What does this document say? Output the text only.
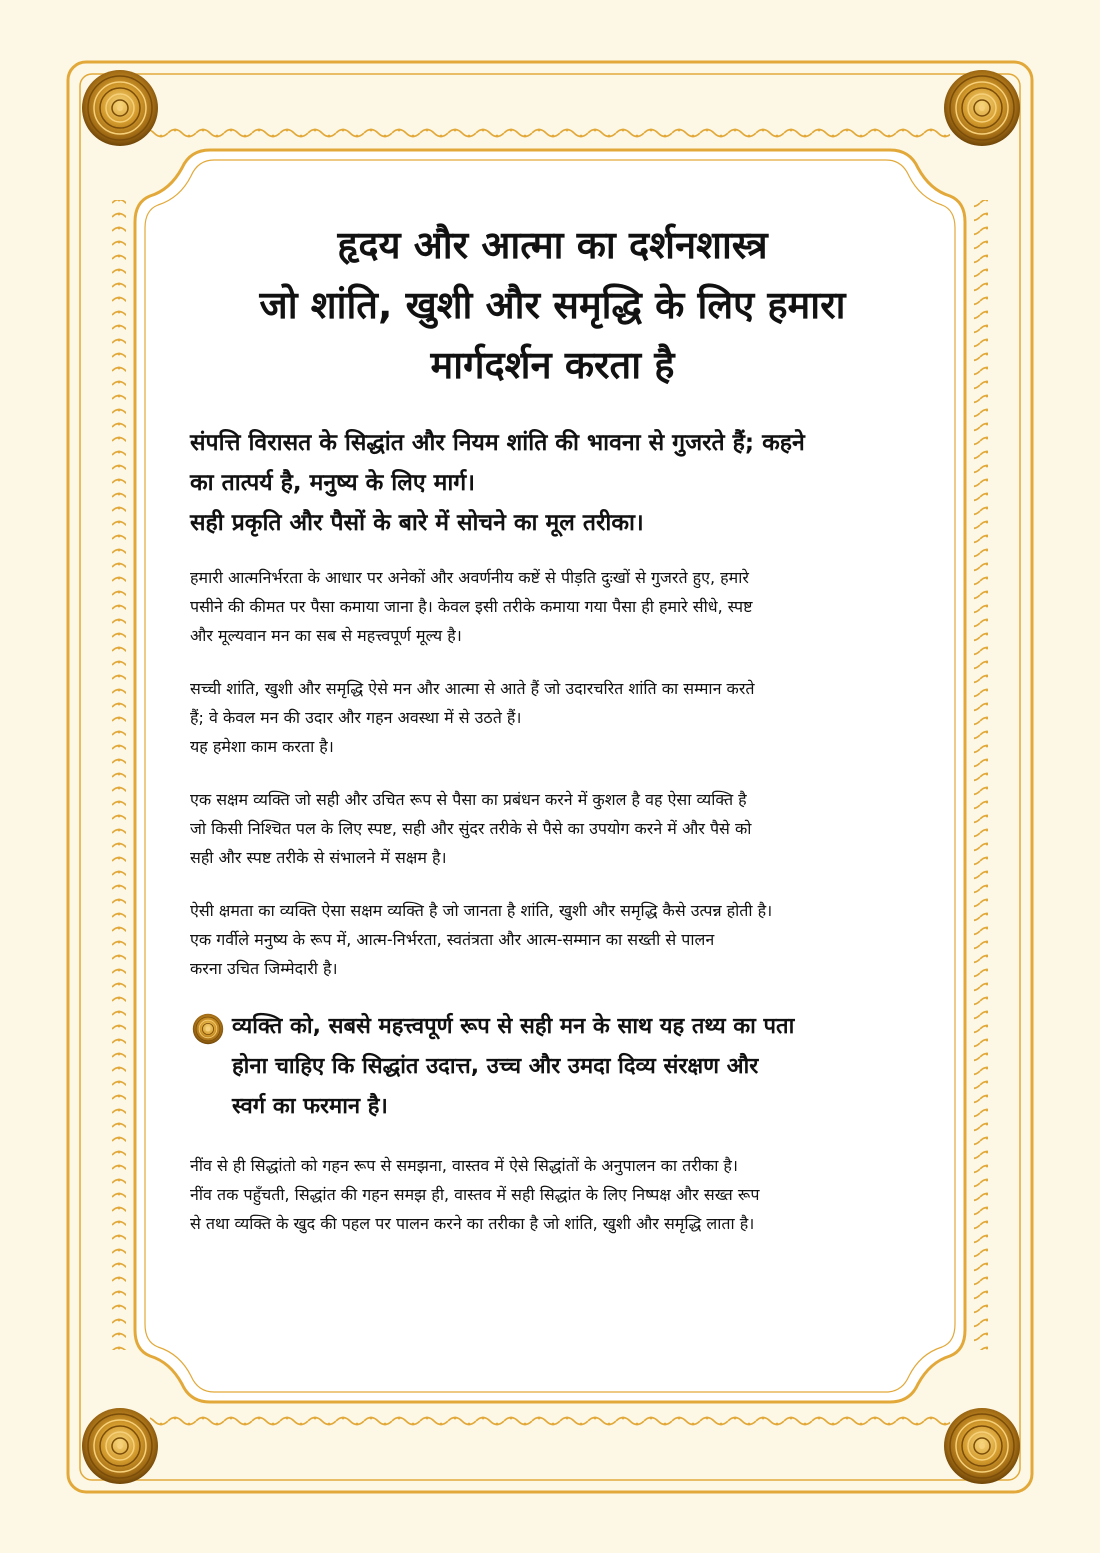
हृदय और आत्मा का दर्शनशास्त्र
जो शांति, खुशी और समृद्धि के लिए हमारा
मार्गदर्शन करता है
संपत्ति विरासत के सिद्धांत और नियम शांति की भावना से गुजरते हैं; कहने
का तात्पर्य है, मनुष्य के लिए मार्ग।
सही प्रकृति और पैसों के बारे में सोचने का मूल तरीका।
हमारी आत्मनिर्भरता के आधार पर अनेकों और अवर्णनीय कष्टें से पीड़ति दुःखों से गुजरते हुए, हमारे
पसीने की कीमत पर पैसा कमाया जाना है। केवल इसी तरीके कमाया गया पैसा ही हमारे सीधे, स्पष्ट
और मूल्यवान मन का सब से महत्त्वपूर्ण मूल्य है।
सच्ची शांति, खुशी और समृद्धि ऐसे मन और आत्मा से आते हैं जो उदारचरित शांति का सम्मान करते
हैं; वे केवल मन की उदार और गहन अवस्था में से उठते हैं।
यह हमेशा काम करता है।
एक सक्षम व्यक्ति जो सही और उचित रूप से पैसा का प्रबंधन करने में कुशल है वह ऐसा व्यक्ति है
जो किसी निश्चित पल के लिए स्पष्ट, सही और सुंदर तरीके से पैसे का उपयोग करने में और पैसे को
सही और स्पष्ट तरीके से संभालने में सक्षम है।
ऐसी क्षमता का व्यक्ति ऐसा सक्षम व्यक्ति है जो जानता है शांति, खुशी और समृद्धि कैसे उत्पन्न होती है।
एक गर्वीले मनुष्य के रूप में, आत्म-निर्भरता, स्वतंत्रता और आत्म-सम्मान का सख्ती से पालन
करना उचित जिम्मेदारी है।
व्यक्ति को, सबसे महत्त्वपूर्ण रूप से सही मन के साथ यह तथ्य का पता
होना चाहिए कि सिद्धांत उदात्त, उच्च और उमदा दिव्य संरक्षण और
स्वर्ग का फरमान है।
नींव से ही सिद्धांतो को गहन रूप से समझना, वास्तव में ऐसे सिद्धांतों के अनुपालन का तरीका है।
नींव तक पहुँचती, सिद्धांत की गहन समझ ही, वास्तव में सही सिद्धांत के लिए निष्पक्ष और सख्त रूप
से तथा व्यक्ति के खुद की पहल पर पालन करने का तरीका है जो शांति, खुशी और समृद्धि लाता है।
